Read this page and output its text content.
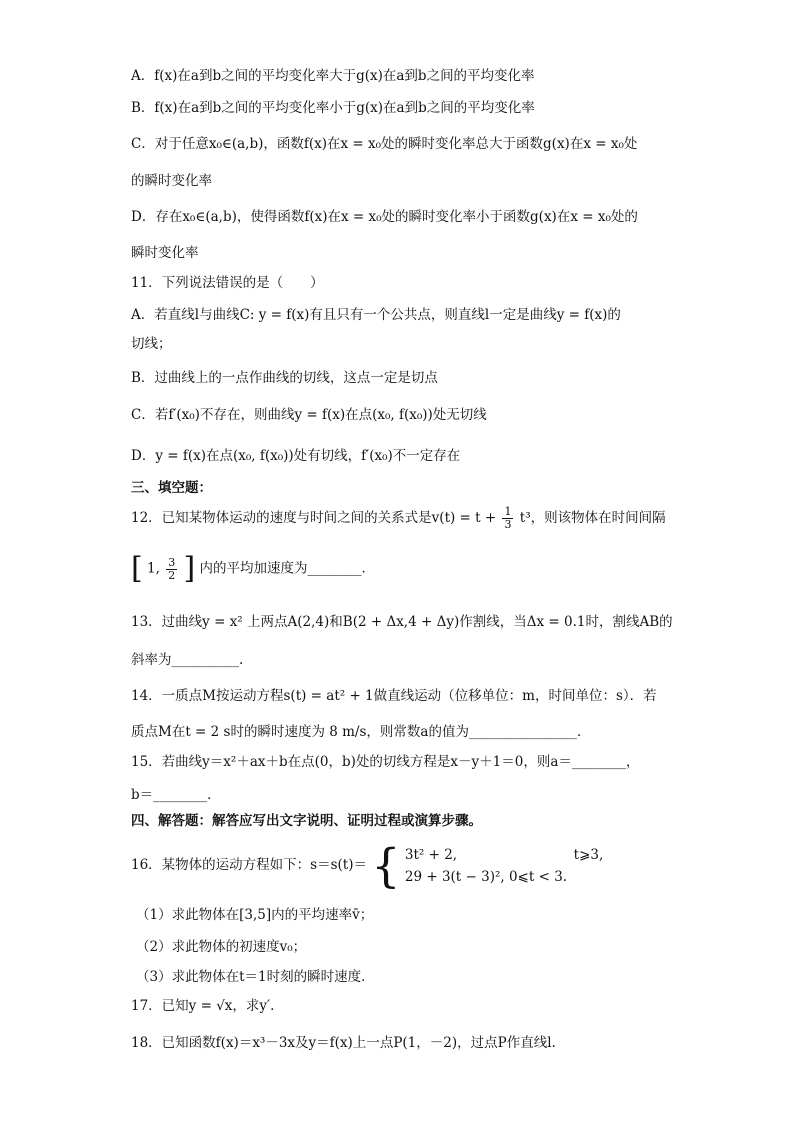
A．f(x)在a到b之间的平均变化率大于g(x)在a到b之间的平均变化率
B．f(x)在a到b之间的平均变化率小于g(x)在a到b之间的平均变化率
C．对于任意x₀∈(a,b)，函数f(x)在x = x₀处的瞬时变化率总大于函数g(x)在x = x₀处
的瞬时变化率
D．存在x₀∈(a,b)，使得函数f(x)在x = x₀处的瞬时变化率小于函数g(x)在x = x₀处的
瞬时变化率
11．下列说法错误的是（　　）
A．若直线l与曲线C: y = f(x)有且只有一个公共点，则直线l一定是曲线y = f(x)的
切线；
B．过曲线上的一点作曲线的切线，这点一定是切点
C．若f′(x₀)不存在，则曲线y = f(x)在点(x₀, f(x₀))处无切线
D．y = f(x)在点(x₀, f(x₀))处有切线，f′(x₀)不一定存在
三、填空题：
12．已知某物体运动的速度与时间之间的关系式是$v(t) = t + \frac{1}{3} t^3$，则该物体在时间间隔
[ 1, $\frac{3}{2}$ ] 内的平均加速度为________．
13．过曲线y = x² 上两点A(2,4)和B(2 + Δx,4 + Δy)作割线，当Δx = 0.1时，割线AB的
斜率为__________.
14．一质点M按运动方程s(t) = at² + 1做直线运动（位移单位：m，时间单位：s）．若
质点M在t = 2 s时的瞬时速度为 8 m/s，则常数a的值为________________．
15．若曲线y＝x²＋ax＋b在点(0，b)处的切线方程是x－y＋1＝0，则a＝________，
b＝________．
四、解答题：解答应写出文字说明、证明过程或演算步骤。
16．某物体的运动方程如下：s＝s(t)＝ { 3t² + 2,	t⩾3,
29 + 3(t − 3)², 0⩽t < 3.
（1）求此物体在[3,5]内的平均速率v̄；
（2）求此物体的初速度v₀；
（3）求此物体在t＝1时刻的瞬时速度．
17．已知y = √x，求y′.
18．已知函数f(x)＝x³－3x及y＝f(x)上一点P(1，－2)，过点P作直线l.
